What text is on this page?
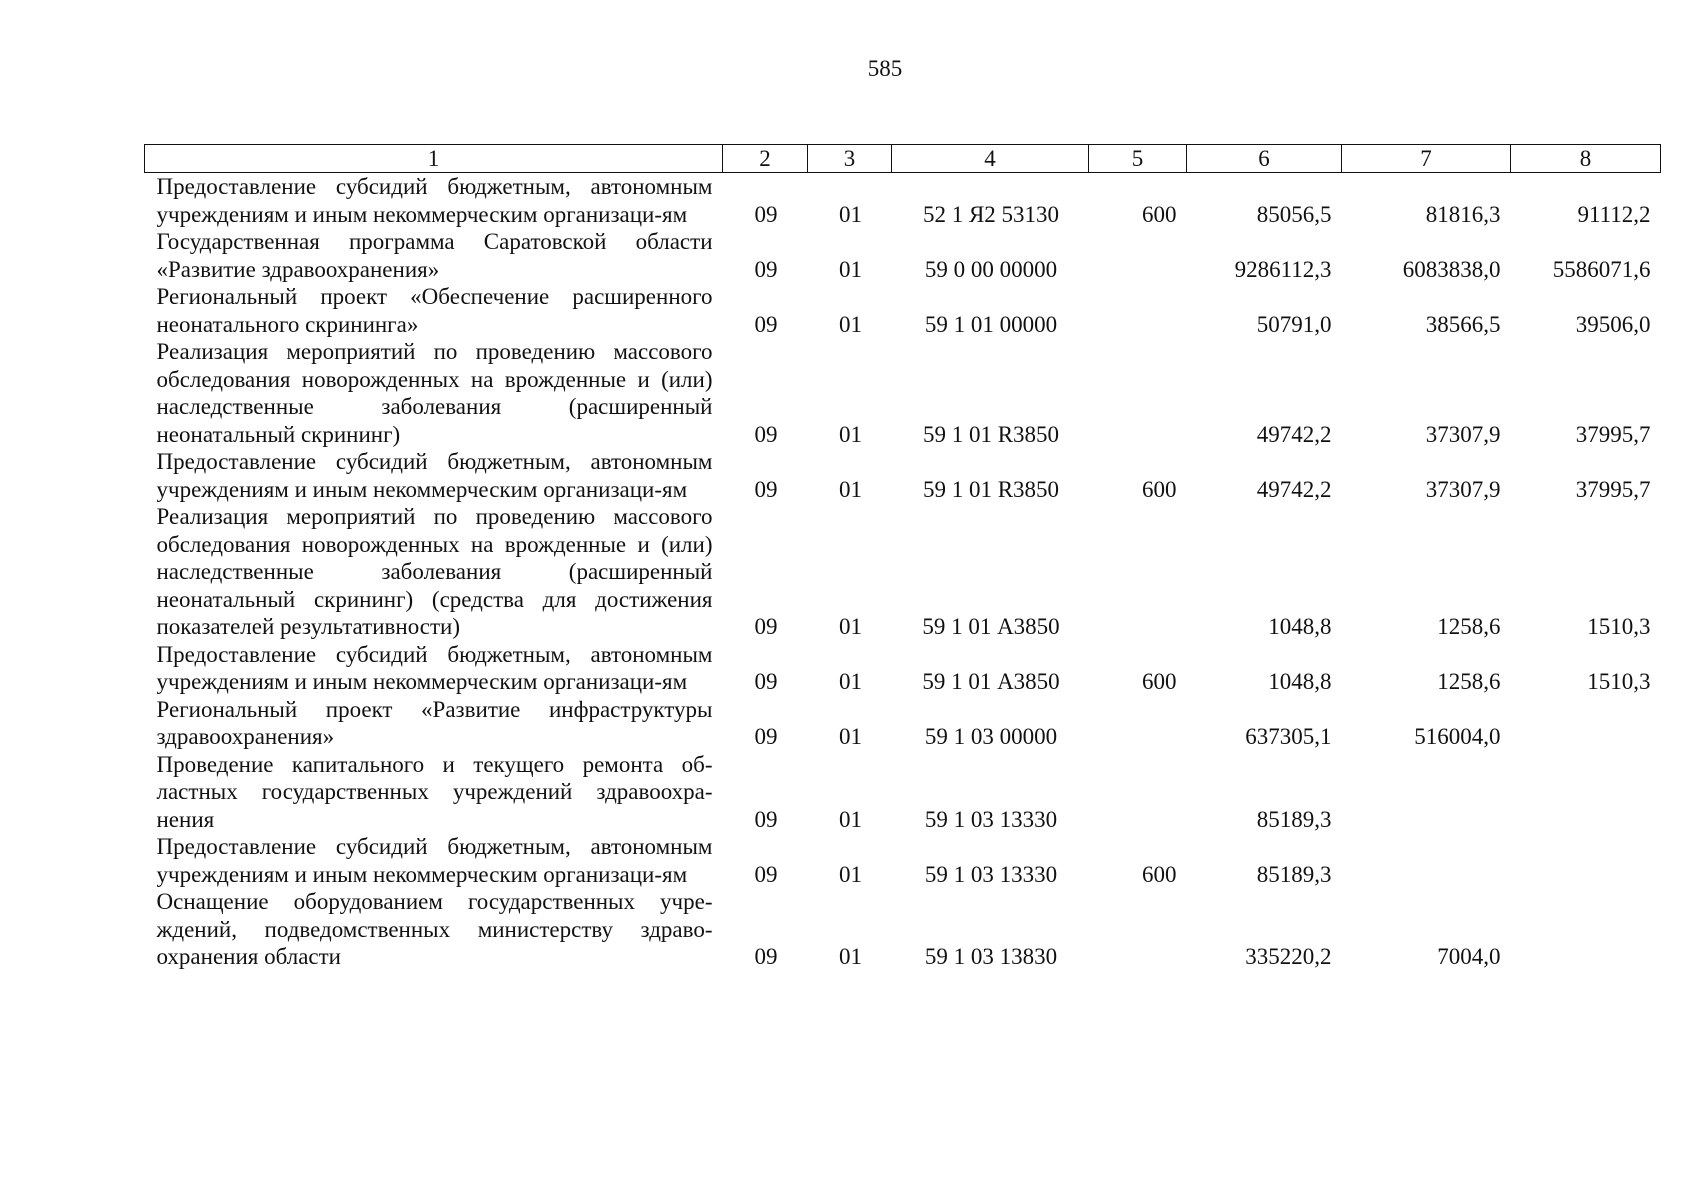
585
1	2	3	4	5	6	7	8
Предоставление субсидий бюджетным, автономным учреждениям и иным некоммерческим организаци-ям	09	01	52 1 Я2 53130	600	85056,5	81816,3	91112,2
Государственная программа Саратовской области «Развитие здравоохранения»	09	01	59 0 00 00000		9286112,3	6083838,0	5586071,6
Региональный проект «Обеспечение расширенного неонатального скрининга»	09	01	59 1 01 00000		50791,0	38566,5	39506,0
Реализация мероприятий по проведению массового обследования новорожденных на врожденные и (или) наследственные заболевания (расширенный неонатальный скрининг)	09	01	59 1 01 R3850		49742,2	37307,9	37995,7
Предоставление субсидий бюджетным, автономным учреждениям и иным некоммерческим организаци-ям	09	01	59 1 01 R3850	600	49742,2	37307,9	37995,7
Реализация мероприятий по проведению массового обследования новорожденных на врожденные и (или) наследственные заболевания (расширенный неонатальный скрининг) (средства для достижения показателей результативности)	09	01	59 1 01 А3850		1048,8	1258,6	1510,3
Предоставление субсидий бюджетным, автономным учреждениям и иным некоммерческим организаци-ям	09	01	59 1 01 А3850	600	1048,8	1258,6	1510,3
Региональный проект «Развитие инфраструктуры здравоохранения»	09	01	59 1 03 00000		637305,1	516004,0	
Проведение капитального и текущего ремонта об-ластных государственных учреждений здравоохра-нения	09	01	59 1 03 13330		85189,3		
Предоставление субсидий бюджетным, автономным учреждениям и иным некоммерческим организаци-ям	09	01	59 1 03 13330	600	85189,3		
Оснащение оборудованием государственных учре-ждений, подведомственных министерству здраво-охранения области	09	01	59 1 03 13830		335220,2	7004,0	
